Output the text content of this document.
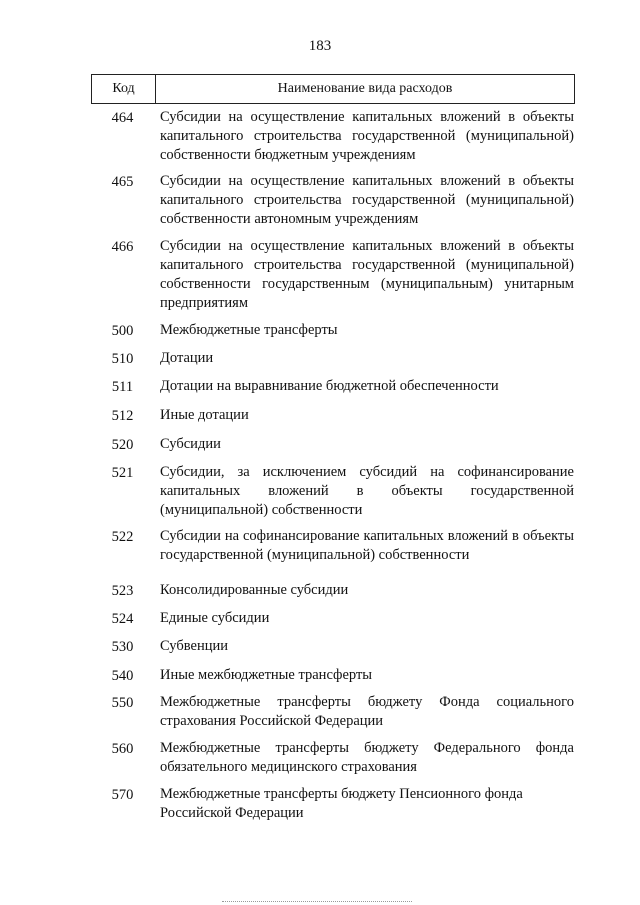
183
Код	Наименование вида расходов
464	Субсидии на осуществление капитальных вложений в объекты капитального строительства государственной (муниципальной) собственности бюджетным учреждениям
465	Субсидии на осуществление капитальных вложений в объекты капитального строительства государственной (муниципальной) собственности автономным учреждениям
466	Субсидии на осуществление капитальных вложений в объекты капитального строительства государственной (муниципальной) собственности государственным (муниципальным) унитарным предприятиям
500	Межбюджетные трансферты
510	Дотации
511	Дотации на выравнивание бюджетной обеспеченности
512	Иные дотации
520	Субсидии
521	Субсидии, за исключением субсидий на софинансирование капитальных вложений в объекты государственной (муниципальной) собственности
522	Субсидии на софинансирование капитальных вложений в объекты государственной (муниципальной) собственности
523	Консолидированные субсидии
524	Единые субсидии
530	Субвенции
540	Иные межбюджетные трансферты
550	Межбюджетные трансферты бюджету Фонда социального страхования Российской Федерации
560	Межбюджетные трансферты бюджету Федерального фонда обязательного медицинского страхования
570	Межбюджетные трансферты бюджету Пенсионного фонда Российской Федерации
